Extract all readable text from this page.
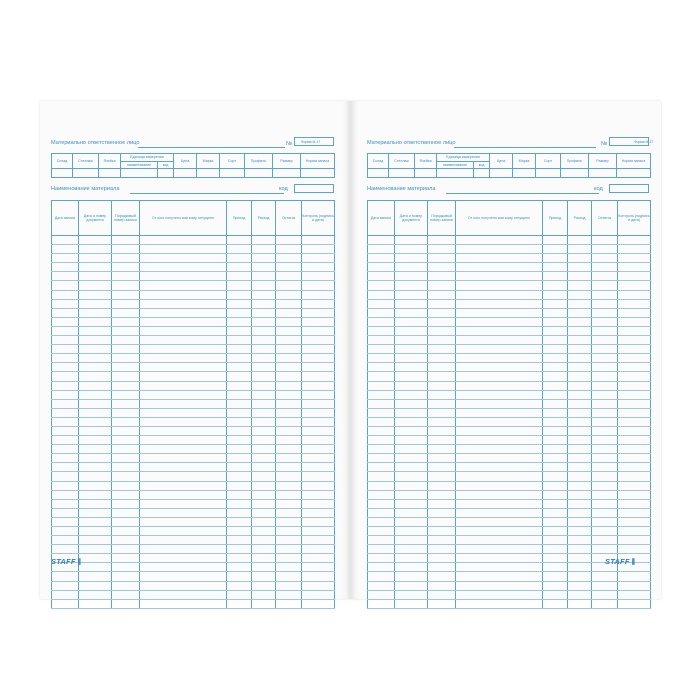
Форма М-17
Материально ответственное лицо	№
Склад	Стеллаж	Ячейка	Единица измерения		Цена	Марка	Сорт	Профиль	Размер	Норма запаса
			наименование	код						

Наименование материала	код
Дата записи	Дата и номер документа	Порядковый номер записи	От кого получено или кому отпущено	Приход	Расход	Остаток	Контроль (подпись и дата)

STAFF ⫼
Форма М-17
Материально ответственное лицо	№
Склад	Стеллаж	Ячейка	Единица измерения		Цена	Марка	Сорт	Профиль	Размер	Норма запаса
			наименование	код						

Наименование материала	код
Дата записи	Дата и номер документа	Порядковый номер записи	От кого получено или кому отпущено	Приход	Расход	Остаток	Контроль (подпись и дата)

STAFF ⫼
